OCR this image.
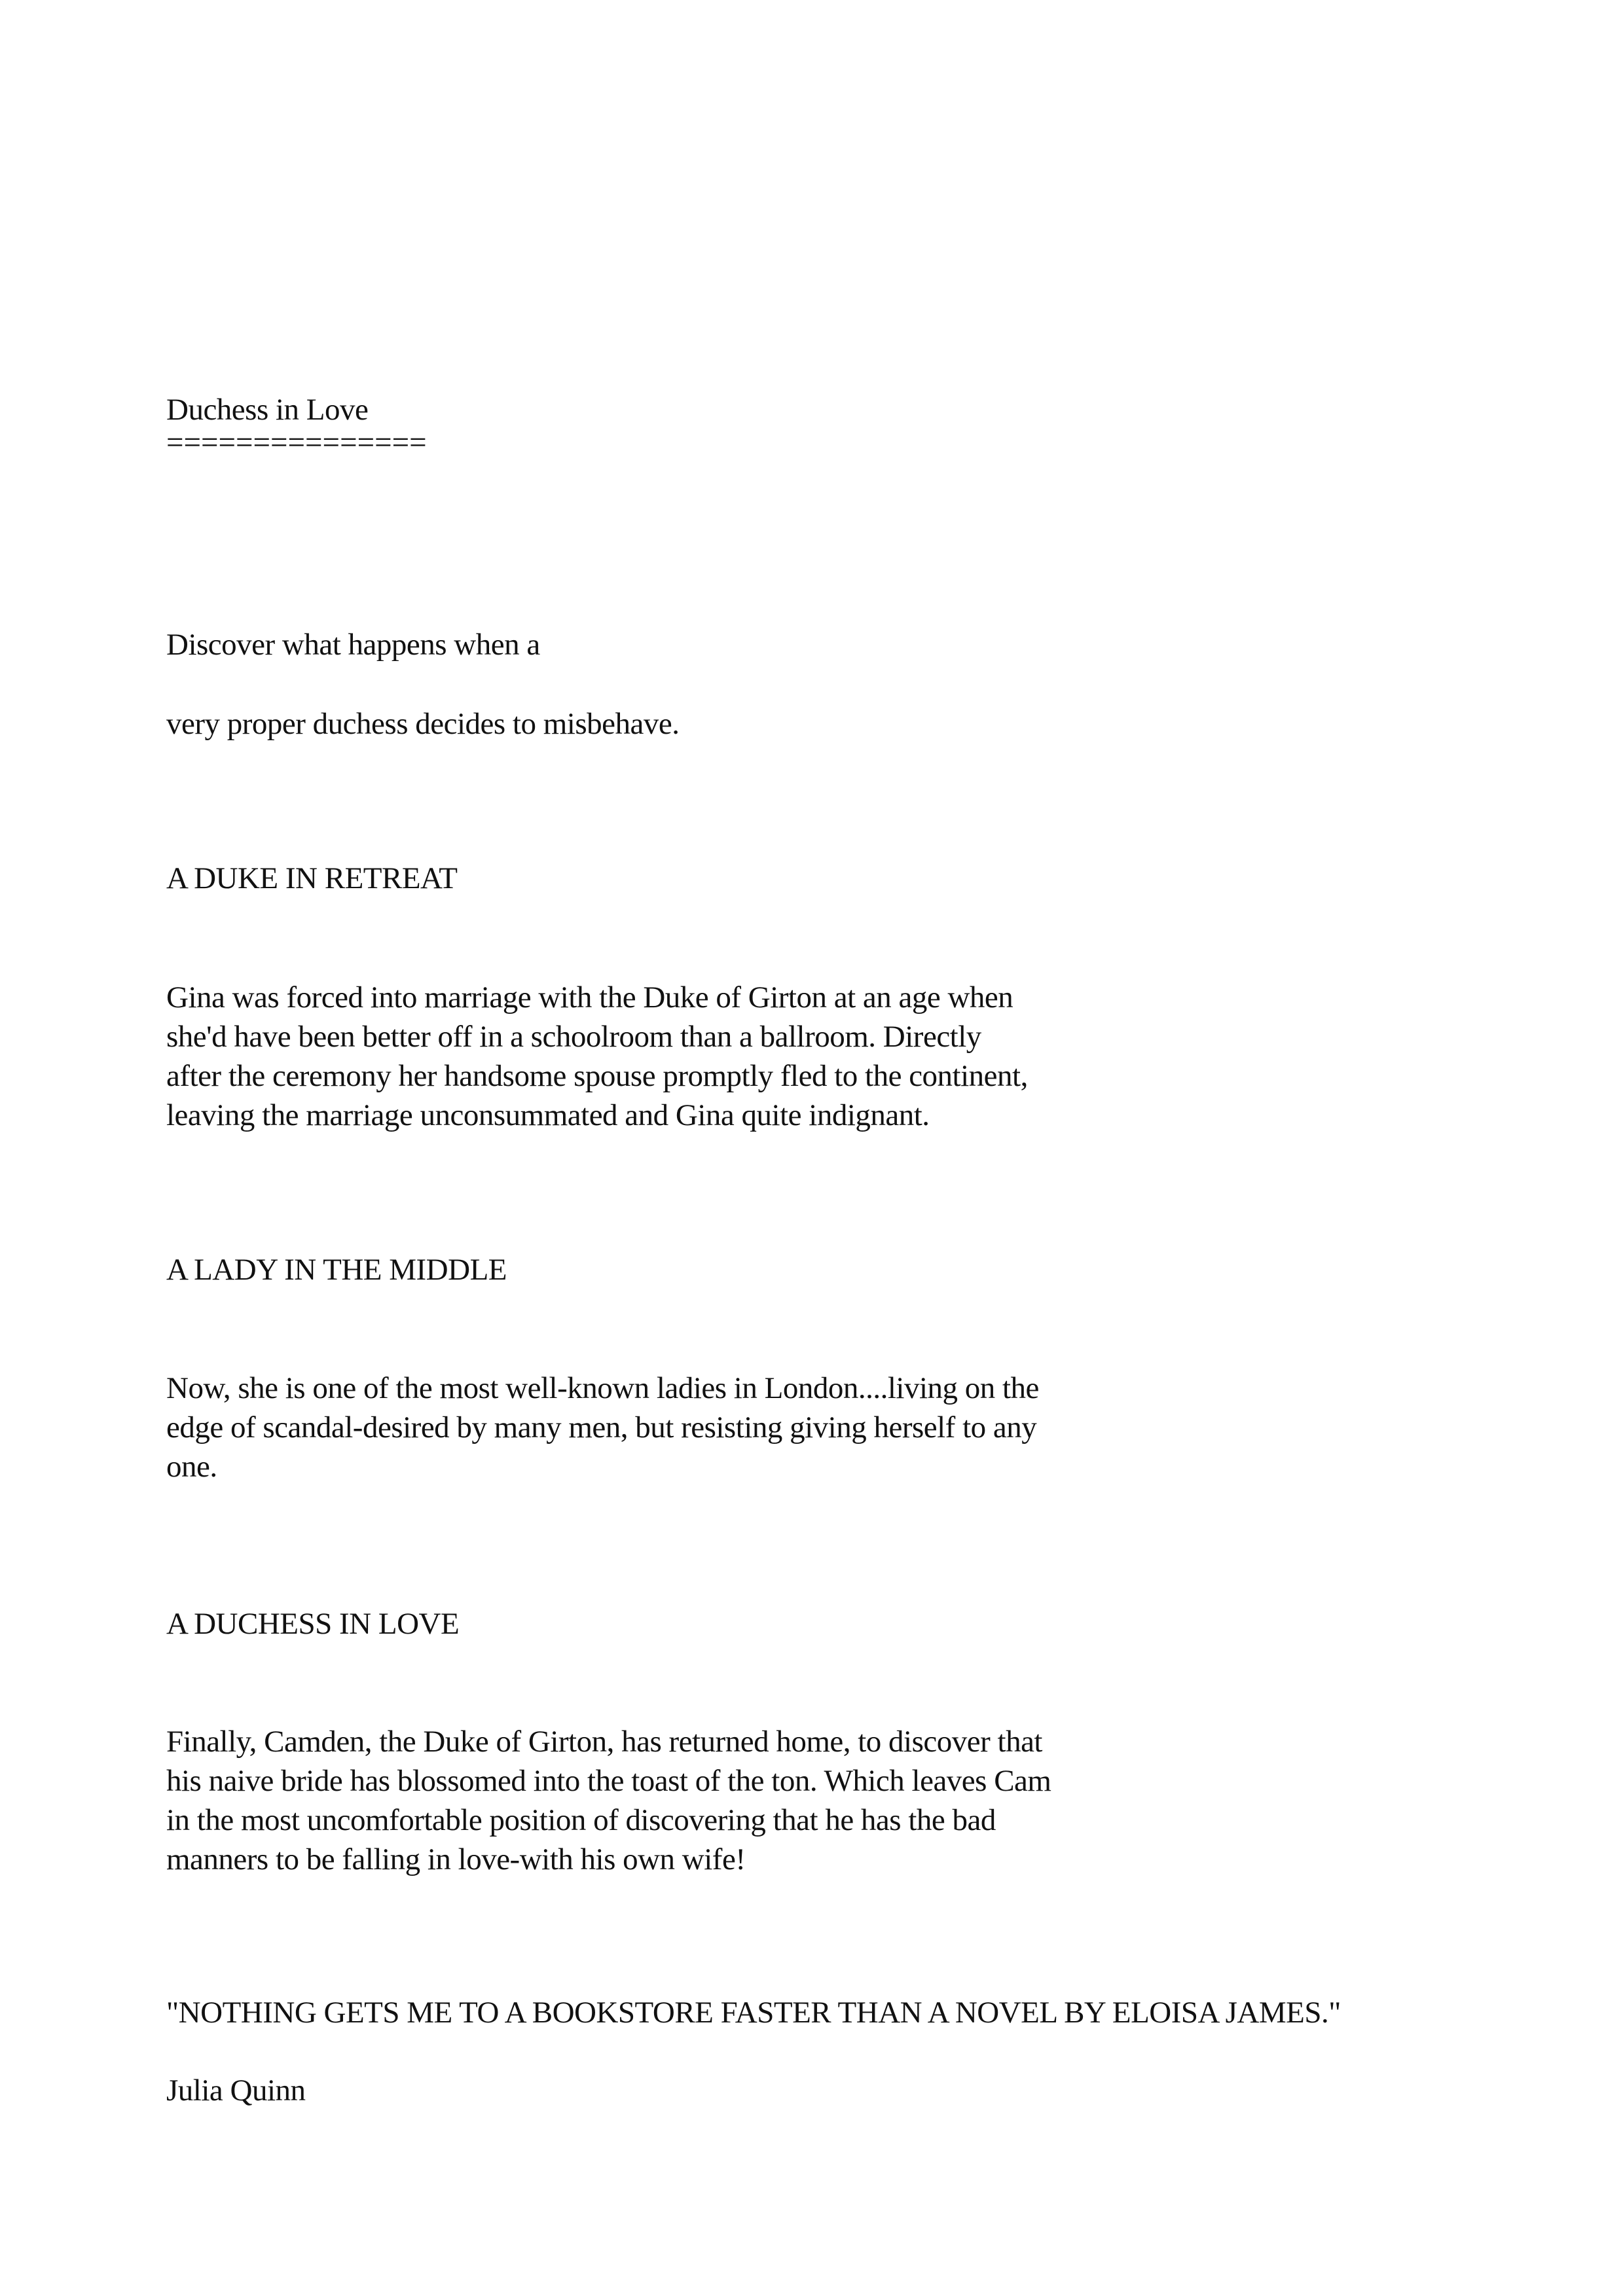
Duchess in Love

===============

Discover what happens when a

very proper duchess decides to misbehave.

A DUKE IN RETREAT

Gina was forced into marriage with the Duke of Girton at an age when
she'd have been better off in a schoolroom than a ballroom. Directly
after the ceremony her handsome spouse promptly fled to the continent,
leaving the marriage unconsummated and Gina quite indignant.

A LADY IN THE MIDDLE

Now, she is one of the most well-known ladies in London....living on the
edge of scandal-desired by many men, but resisting giving herself to any
one.

A DUCHESS IN LOVE

Finally, Camden, the Duke of Girton, has returned home, to discover that
his naive bride has blossomed into the toast of the ton. Which leaves Cam
in the most uncomfortable position of discovering that he has the bad
manners to be falling in love-with his own wife!

"NOTHING GETS ME TO A BOOKSTORE FASTER THAN A NOVEL BY ELOISA JAMES."

Julia Quinn
